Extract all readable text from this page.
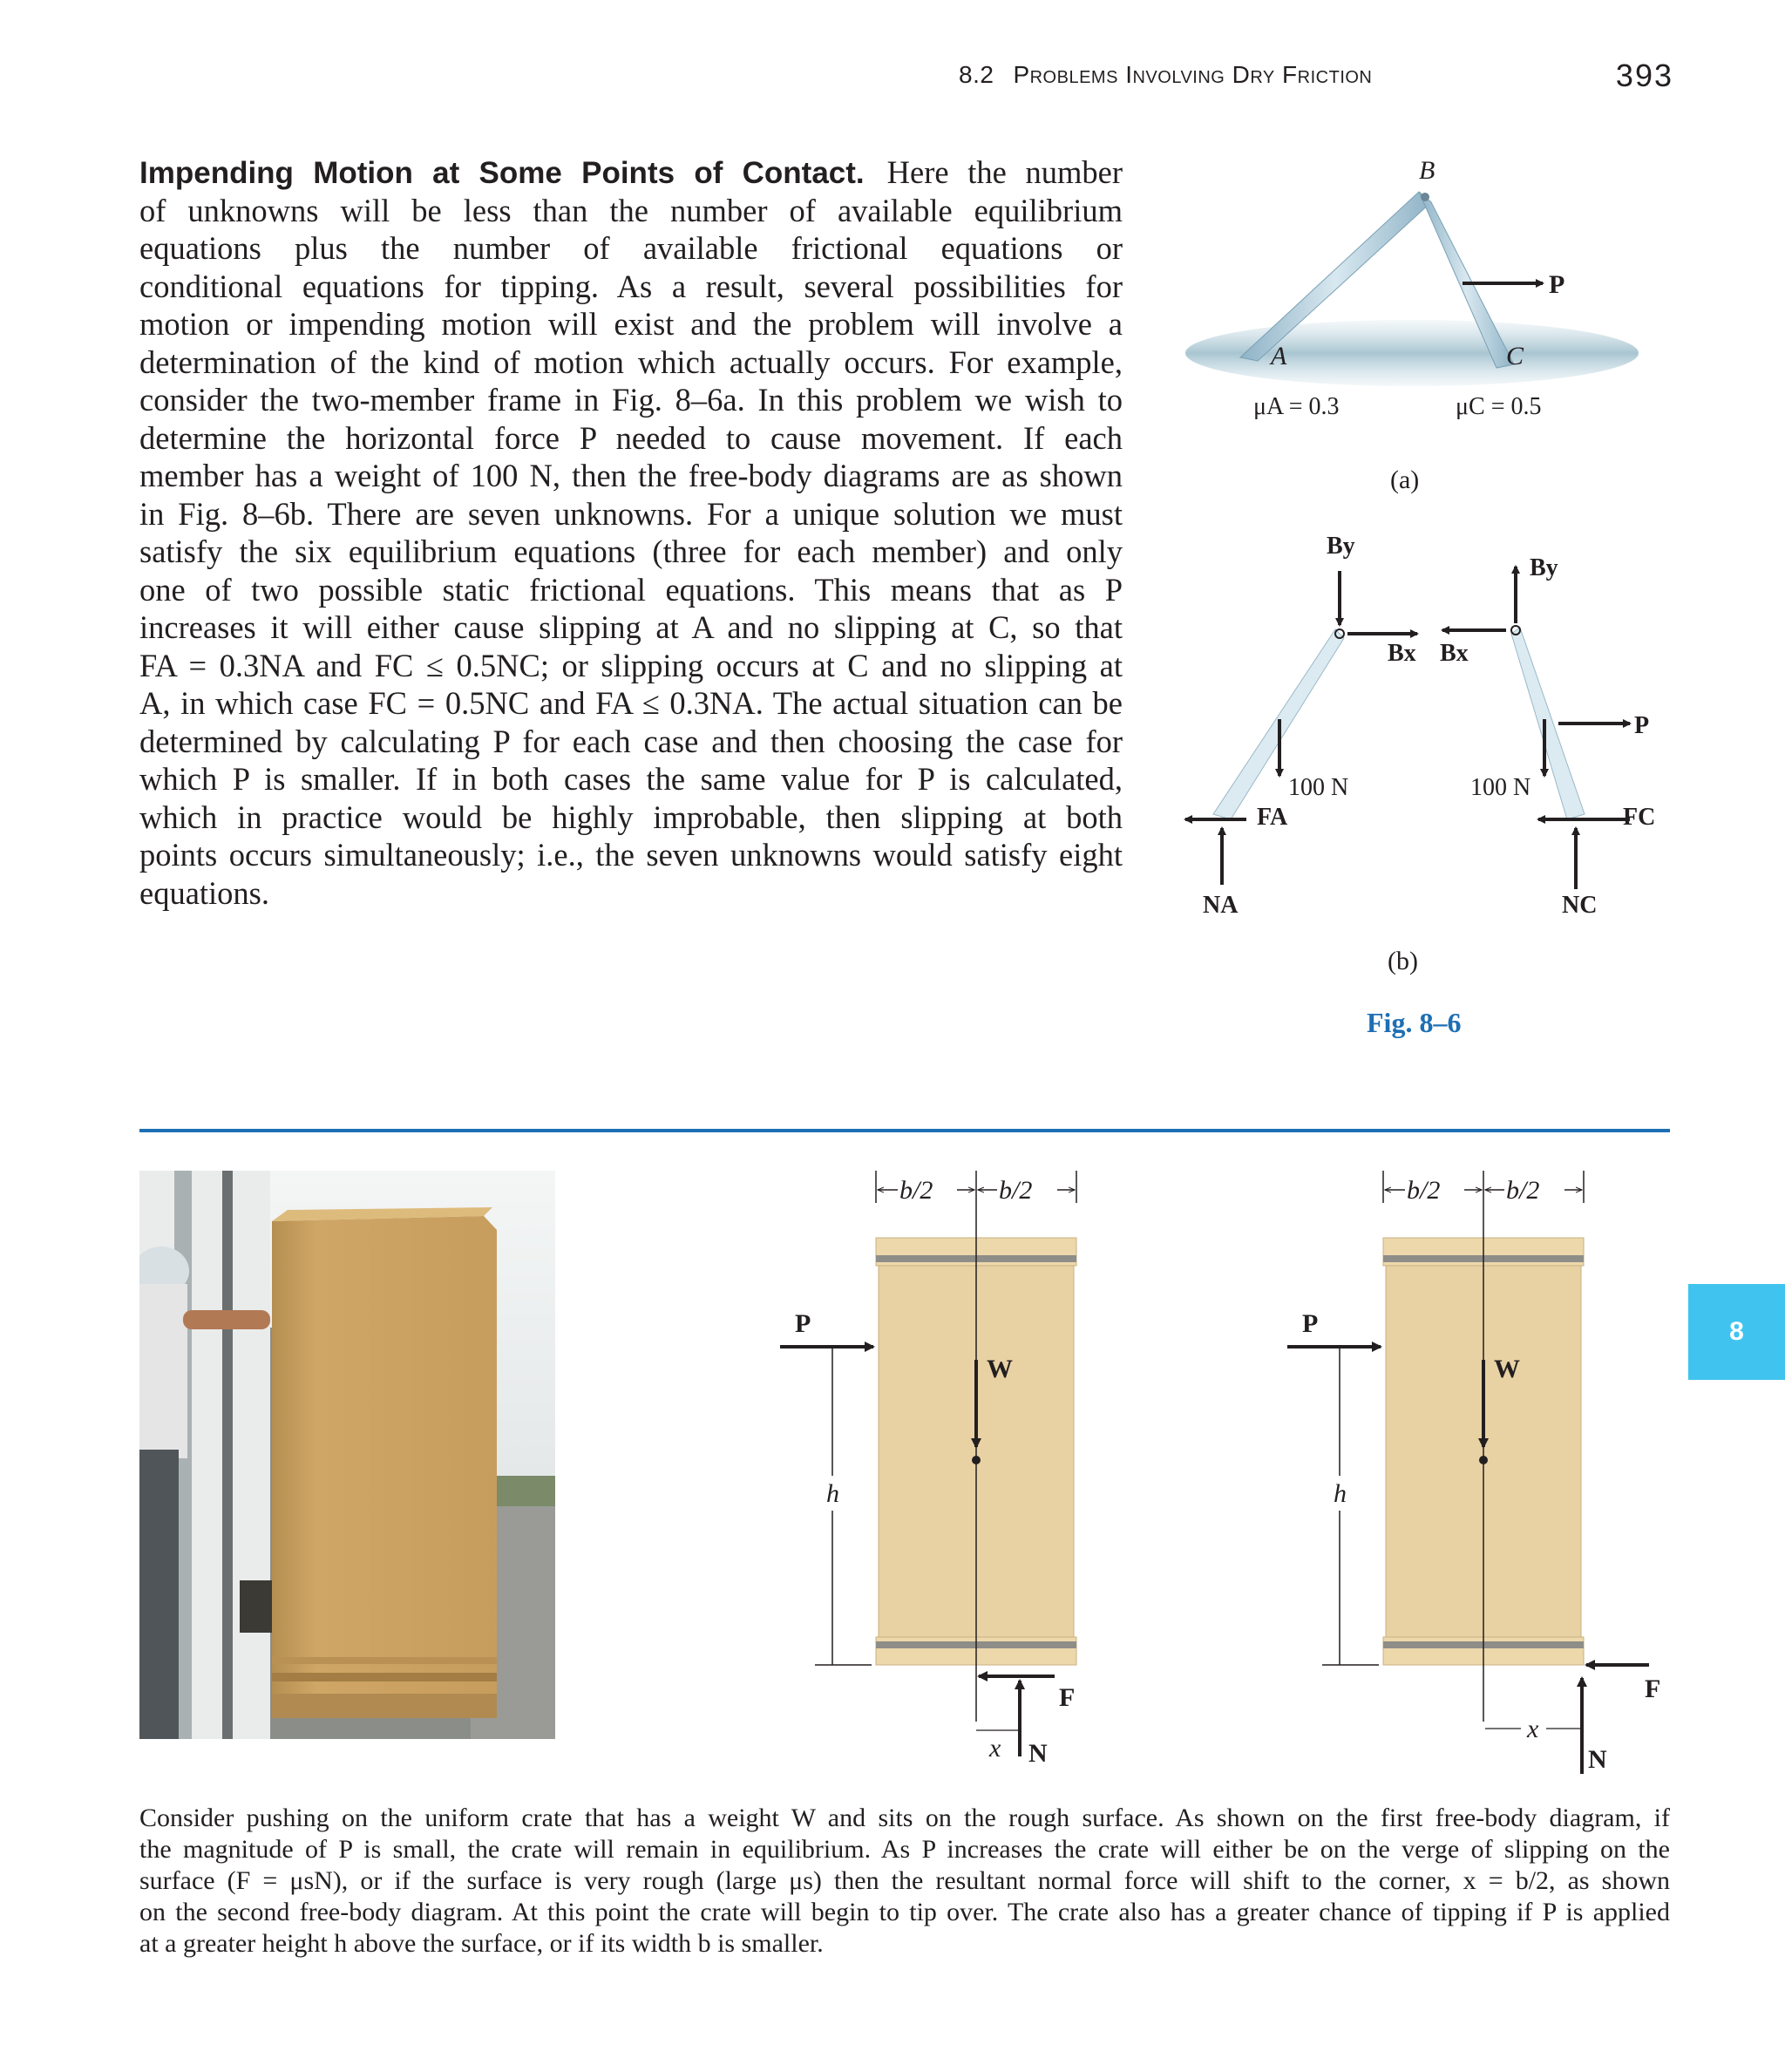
8.2 Problems Involving Dry Friction	393
Impending Motion at Some Points of Contact. Here the number
of unknowns will be less than the number of available equilibrium
equations plus the number of available frictional equations or
conditional equations for tipping. As a result, several possibilities for
motion or impending motion will exist and the problem will involve a
determination of the kind of motion which actually occurs. For example,
consider the two-member frame in Fig. 8–6a. In this problem we wish to
determine the horizontal force P needed to cause movement. If each
member has a weight of 100 N, then the free-body diagrams are as shown
in Fig. 8–6b. There are seven unknowns. For a unique solution we must
satisfy the six equilibrium equations (three for each member) and only
one of two possible static frictional equations. This means that as P
increases it will either cause slipping at A and no slipping at C, so that
FA = 0.3NA and FC ≤ 0.5NC; or slipping occurs at C and no slipping at
A, in which case FC = 0.5NC and FA ≤ 0.3NA. The actual situation can be
determined by calculating P for each case and then choosing the case for
which P is smaller. If in both cases the same value for P is calculated,
which in practice would be highly improbable, then slipping at both
points occurs simultaneously; i.e., the seven unknowns would satisfy eight
equations.
B
P
A	C
μA = 0.3	μC = 0.5
(a)
By
Bx Bx
By
100 N	100 N
P
FA
NA
FC
NC
(b)
Fig. 8–6
b/2	b/2
P
W
h
F
N
x
b/2	b/2
P
W
h
F
N
x
8
Consider pushing on the uniform crate that has a weight W and sits on the rough surface. As shown on the first free-body diagram, if
the magnitude of P is small, the crate will remain in equilibrium. As P increases the crate will either be on the verge of slipping on the
surface (F = μsN), or if the surface is very rough (large μs) then the resultant normal force will shift to the corner, x = b/2, as shown
on the second free-body diagram. At this point the crate will begin to tip over. The crate also has a greater chance of tipping if P is applied
at a greater height h above the surface, or if its width b is smaller.
